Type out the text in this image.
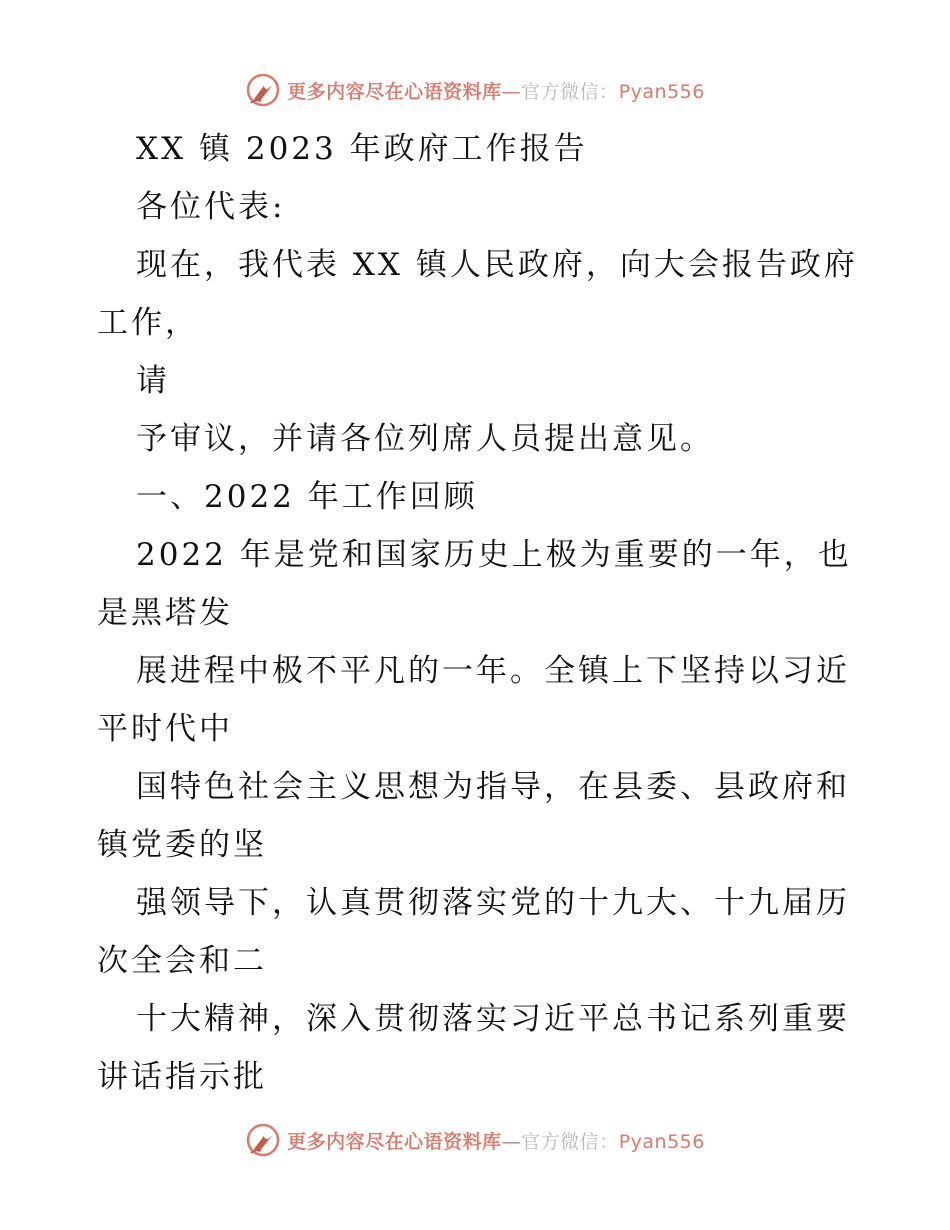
更多内容尽在心语资料库—官方微信：Pyan556
XX 镇 2023 年政府工作报告
各位代表:
现在，我代表 XX 镇人民政府，向大会报告政府
工作，
请
予审议，并请各位列席人员提出意见。
一、2022 年工作回顾
2022 年是党和国家历史上极为重要的一年，也
是黑塔发
展进程中极不平凡的一年。全镇上下坚持以习近
平时代中
国特色社会主义思想为指导，在县委、县政府和
镇党委的坚
强领导下，认真贯彻落实党的十九大、十九届历
次全会和二
十大精神，深入贯彻落实习近平总书记系列重要
讲话指示批
更多内容尽在心语资料库—官方微信：Pyan556
